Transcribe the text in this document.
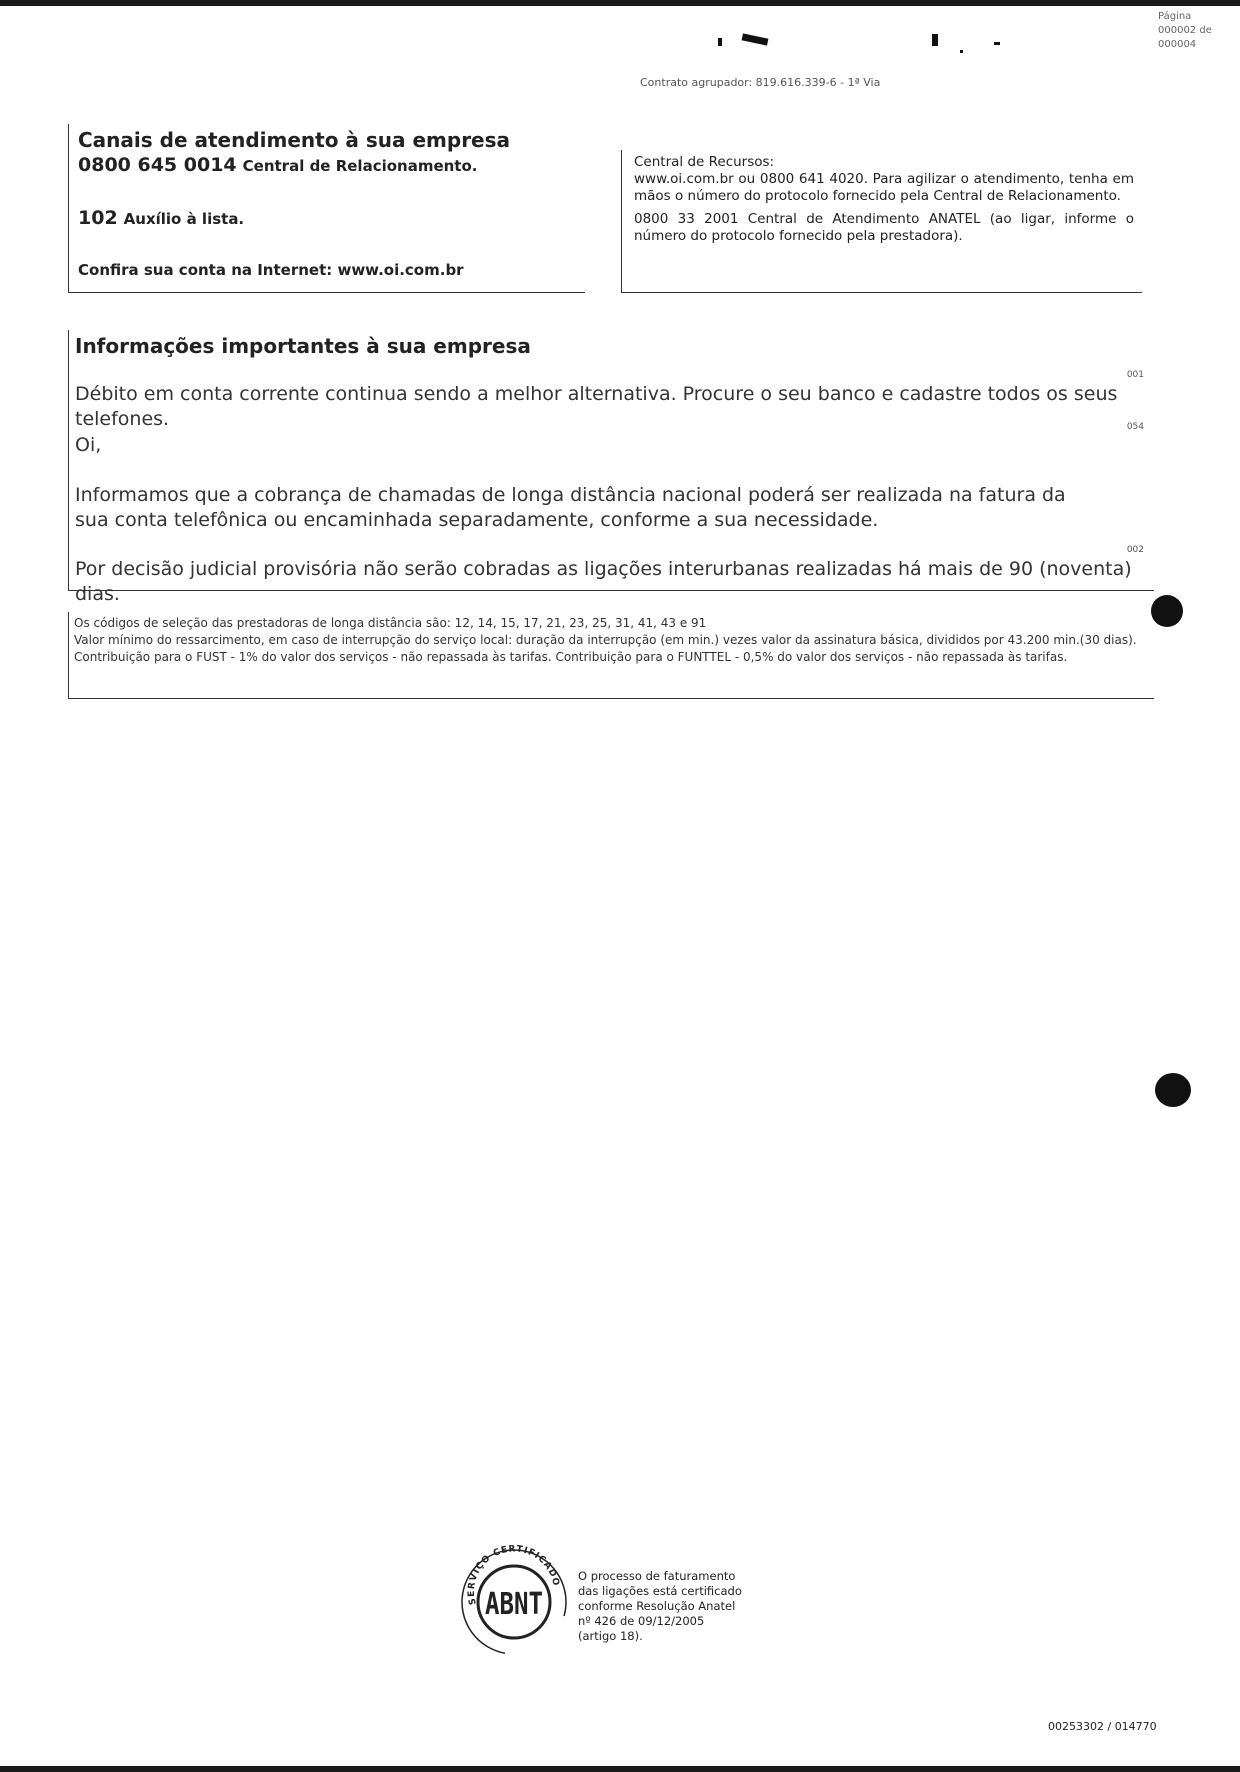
Página
000002 de
000004
Contrato agrupador: 819.616.339-6 - 1ª Via
Canais de atendimento à sua empresa
0800 645 0014 Central de Relacionamento.
102 Auxílio à lista.
Confira sua conta na Internet: www.oi.com.br

Central de Recursos:

www.oi.com.br ou 0800 641 4020. Para agilizar o atendimento, tenha em mãos o número do protocolo fornecido pela Central de Relacionamento.

0800 33 2001 Central de Atendimento ANATEL (ao ligar, informe o número do protocolo fornecido pela prestadora).

Informações importantes à sua empresa
001
Débito em conta corrente continua sendo a melhor alternativa. Procure o seu banco e cadastre todos os seus telefones.	054
Oi,
Informamos que a cobrança de chamadas de longa distância nacional poderá ser realizada na fatura da sua conta telefônica ou encaminhada separadamente, conforme a sua necessidade.
002
Por decisão judicial provisória não serão cobradas as ligações interurbanas realizadas há mais de 90 (noventa) dias.

Os códigos de seleção das prestadoras de longa distância são: 12, 14, 15, 17, 21, 23, 25, 31, 41, 43 e 91

Valor mínimo do ressarcimento, em caso de interrupção do serviço local: duração da interrupção (em min.) vezes valor da assinatura básica, divididos por 43.200 min.(30 dias).

Contribuição para o FUST - 1% do valor dos serviços - não repassada às tarifas. Contribuição para o FUNTTEL - 0,5% do valor dos serviços - não repassada às tarifas.

SERVIÇO CERTIFICADO
ABNT
O processo de faturamento
das ligações está certificado
conforme Resolução Anatel
nº 426 de 09/12/2005
(artigo 18).
00253302 / 014770
